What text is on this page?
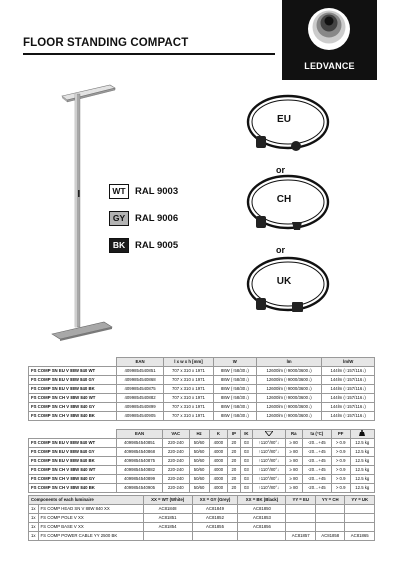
FLOOR STANDING COMPACT
LEDVANCE
WT RAL 9003
GY	RAL 9006
BK	RAL 9005
EU
or
CH
or
UK
	EAN	l x w x h [mm]	W	lm	lm/W
FS COMP SN EU V 88W 840 WT	4099854540851	707 x 310 x 1971	88W (↑58/30↓)	12600lm (↑9000/3600↓)	144lm (↑157/116↓)
FS COMP SN EU V 88W 840 GY	4099854540868	707 x 310 x 1971	88W (↑58/30↓)	12600lm (↑9000/3600↓)	144lm (↑157/116↓)
FS COMP SN EU V 88W 840 BK	4099854540875	707 x 310 x 1971	88W (↑58/30↓)	12600lm (↑9000/3600↓)	144lm (↑157/116↓)
FS COMP SN CH V 88W 840 WT	4099854540882	707 x 310 x 1971	88W (↑58/30↓)	12600lm (↑9000/3600↓)	144lm (↑157/116↓)
FS COMP SN CH V 88W 840 GY	4099854540899	707 x 310 x 1971	88W (↑58/30↓)	12600lm (↑9000/3600↓)	144lm (↑157/116↓)
FS COMP SN CH V 88W 840 BK	4099854540905	707 x 310 x 1971	88W (↑58/30↓)	12600lm (↑9000/3600↓)	144lm (↑157/116↓)
	EAN	VAC	Hz	K	IP	IK		Ra	ta (°C)	PF	
FS COMP SN EU V 88W 840 WT	4099854540851	220-240	50/60	4000	20	03	↑110°/80°↓	≥ 80	-20…+45	> 0.9	12.5 kg
FS COMP SN EU V 88W 840 GY	4099854540868	220-240	50/60	4000	20	03	↑110°/80°↓	≥ 80	-20…+45	> 0.9	12.5 kg
FS COMP SN EU V 88W 840 BK	4099854540875	220-240	50/60	4000	20	03	↑110°/80°↓	≥ 80	-20…+45	> 0.9	12.5 kg
FS COMP SN CH V 88W 840 WT	4099854540882	220-240	50/60	4000	20	03	↑110°/80°↓	≥ 80	-20…+45	> 0.9	12.5 kg
FS COMP SN CH V 88W 840 GY	4099854540899	220-240	50/60	4000	20	03	↑110°/80°↓	≥ 80	-20…+45	> 0.9	12.5 kg
FS COMP SN CH V 88W 840 BK	4099854540905	220-240	50/60	4000	20	03	↑110°/80°↓	≥ 80	-20…+45	> 0.9	12.5 kg
Components of each luminaire		XX = WT (White)	XX = GY (Grey)	XX = BK (Black)	YY = EU	YY = CH	YY = UK
1x	FS COMP HEAD SN V 88W 840 XX	AC81848	AC81849	AC81850			
1x	FS COMP POLE V XX	AC81851	AC81852	AC81853			
1x	FS COMP BASE V XX	AC81854	AC81855	AC81856			
1x	FS COMP POWER CABLE YY 2500 BK				AC81857	AC81858	AC81865
